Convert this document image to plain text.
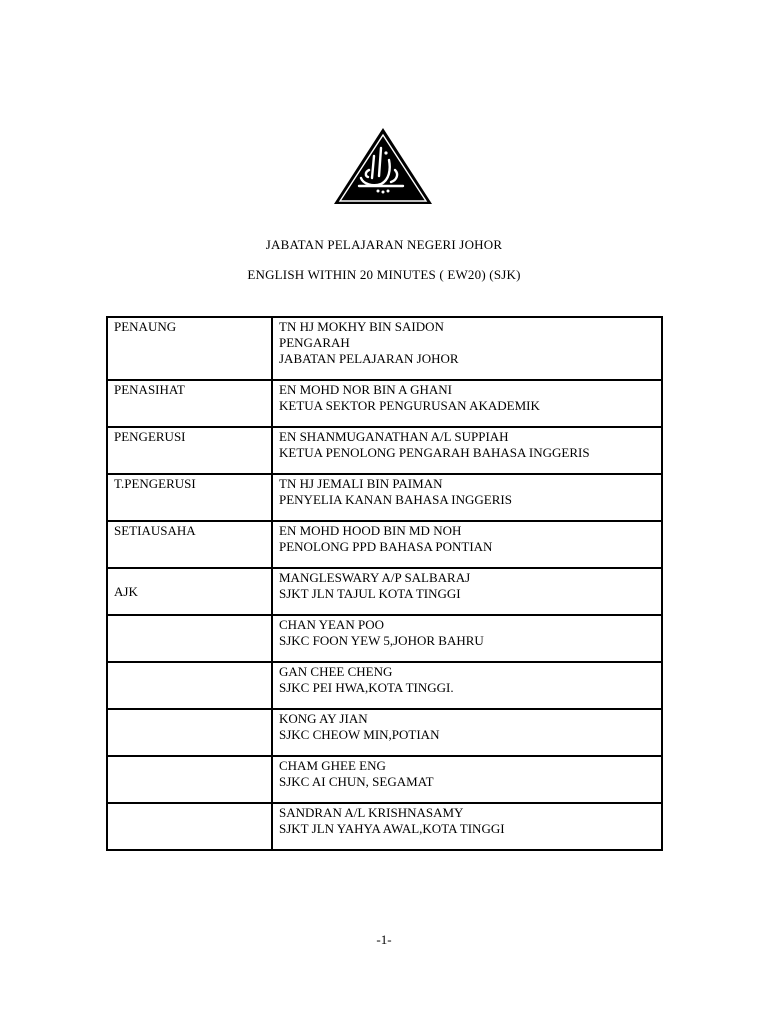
JABATAN PELAJARAN NEGERI JOHOR
ENGLISH WITHIN 20 MINUTES ( EW20) (SJK)
PENAUNG	TN HJ MOKHY BIN SAIDON
PENGARAH
JABATAN PELAJARAN JOHOR

PENASIHAT	EN MOHD NOR BIN A GHANI
KETUA SEKTOR PENGURUSAN AKADEMIK

PENGERUSI	EN SHANMUGANATHAN A/L SUPPIAH
KETUA PENOLONG PENGARAH BAHASA INGGERIS

T.PENGERUSI	TN HJ JEMALI BIN PAIMAN
PENYELIA KANAN BAHASA INGGERIS

SETIAUSAHA	EN MOHD HOOD BIN MD NOH
PENOLONG PPD BAHASA PONTIAN

AJK	MANGLESWARY A/P SALBARAJ
SJKT JLN TAJUL KOTA TINGGI

	CHAN YEAN POO
SJKC FOON YEW 5,JOHOR BAHRU

	GAN CHEE CHENG
SJKC PEI HWA,KOTA TINGGI.

	KONG AY JIAN
SJKC CHEOW MIN,POTIAN

	CHAM GHEE ENG
SJKC AI CHUN, SEGAMAT

	SANDRAN A/L KRISHNASAMY
SJKT JLN YAHYA AWAL,KOTA TINGGI
-1-
